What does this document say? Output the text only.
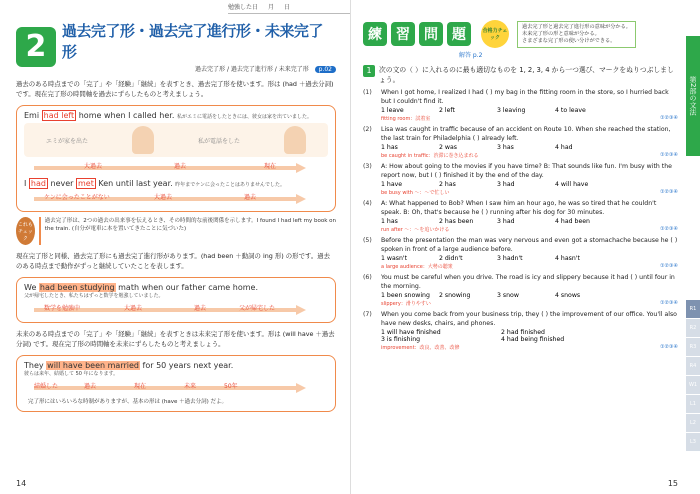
勉強した日 月 日
2	過去完了形・過去完了進行形・未来完了形
過去完了形 / 過去完了進行形 / 未来完了形 p.02

過去のある時点までの「完了」や「経験」「継続」を表すとき、過去完了形を使います。形は (had ＋過去分詞) です。現在完了形の時間軸を過去にずらしたものと考えましょう。

Emi had left home when I called her. 私がエミに電話をしたときには、彼女は家を出ていました。
エミが家を出た	私が電話をした
大過去	過去	現在
I had never met Ken until last year. 昨年までケンに会ったことはありませんでした。
ケンに会ったことがない	大過去	過去
これもチェック

過去完了形は、2つの過去の出来事を伝えるとき、その時間的な前後関係を示します。I found I had left my book on the train. (自分が電車に本を置いてきたことに気づいた)

現在完了形と同様、過去完了形にも過去完了進行形があります。(had been ＋動詞の ing 形) の形です。過去のある時点まで動作がずっと継続していたことを表します。

We had been studying math when our father came home.
父が帰宅したとき、私たちはずっと数学を勉強していました。
数学を勉強中	大過去	過去	父が帰宅した

未来のある時点までの「完了」や「経験」「継続」を表すときは未来完了形を使います。形は (will have ＋過去分詞) です。現在完了形の時間軸を未来にずらしたものと考えましょう。

They will have been married for 50 years next year.
彼らは来年、結婚して 50 年になります。
結婚した	過去	現在	未来	50年

完了形にはいろいろな時制がありますが、基本の形は (have ＋過去分詞) だよ。

14
練	習	問	題	合格力チェック
過去完了形と過去完了進行形の意味が分かる。
未来完了形の形と意味が分かる。
さまざまな完了形の使い分けができる。
解答 p.2
1	次の文の（ ）に入れるのに最も適切なものを 1, 2, 3, 4 から一つ選び、マークをぬりつぶしましょう。
(1)	When I got home, I realized I had ( ) my bag in the fitting room in the store, so I hurried back but I couldn't find it.
1 leave	2 left	3 leaving	4 to leave
fitting room：試着室	①②③④
(2)	Lisa was caught in traffic because of an accident on Route 10. When she reached the station, the last train for Philadelphia ( ) already left.
1 has	2 was	3 has	4 had
be caught in traffic：渋滞に巻き込まれる	①②③④
(3)	A: How about going to the movies if you have time? B: That sounds like fun. I'm busy with the report now, but I ( ) finished it by the end of the day.
1 have	2 has	3 had	4 will have
be busy with ～：～で忙しい	①②③④
(4)	A: What happened to Bob? When I saw him an hour ago, he was so tired that he couldn't speak. B: Oh, that's because he ( ) running after his dog for 30 minutes.
1 has	2 has been	3 had	4 had been
run after ～：～を追いかける	①②③④
(5)	Before the presentation the man was very nervous and even got a stomachache because he ( ) spoken in front of a large audience before.
1 wasn't	2 didn't	3 hadn't	4 hasn't
a large audience：大勢の聴衆	①②③④
(6)	You must be careful when you drive. The road is icy and slippery because it had ( ) until four in the morning.
1 been snowing	2 snowing	3 snow	4 snows
slippery：滑りやすい	①②③④
(7)	When you come back from your business trip, they ( ) the improvement of our office. You'll also have new desks, chairs, and phones.
1 will have finished	2 had finished
3 is finishing	4 had being finished
improvement：改良、改善、改修	①②③④
第2部の文法
R1
R2
R3
R4
W1
L1
L2
L3
15
